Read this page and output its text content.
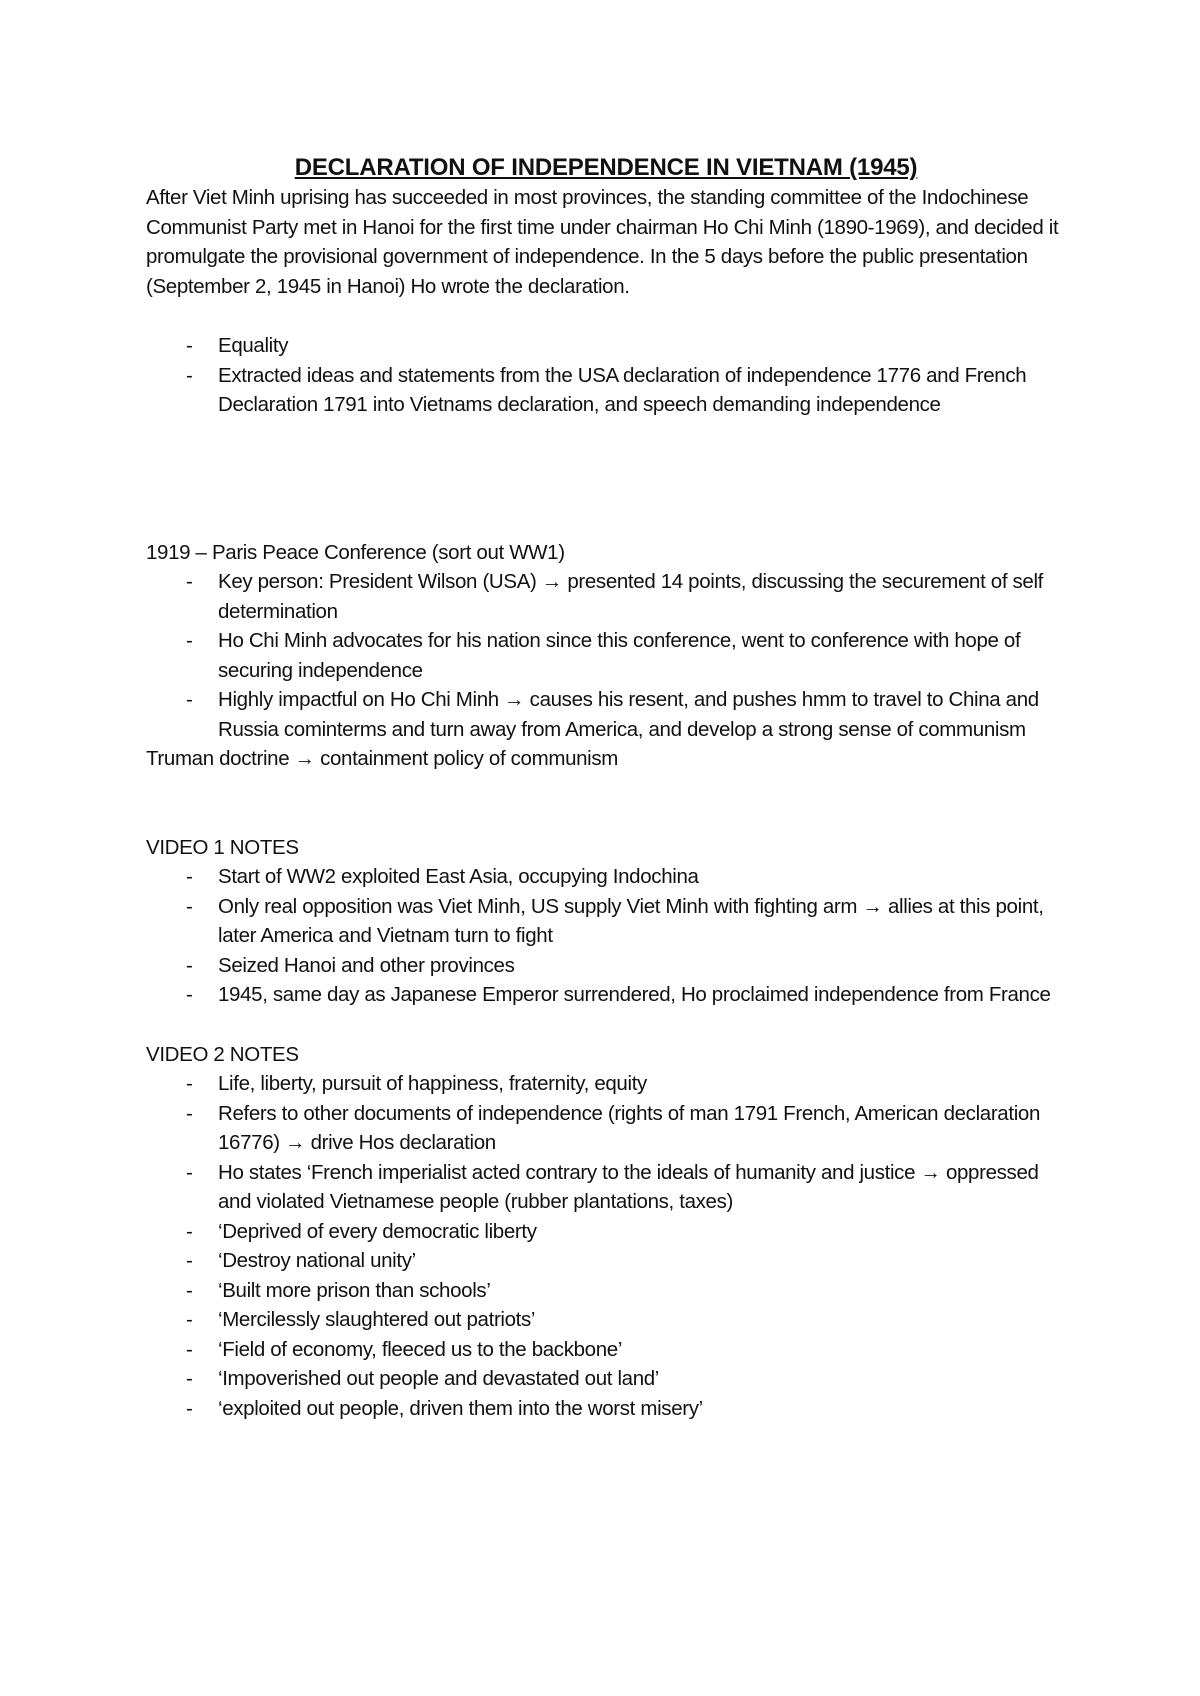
DECLARATION OF INDEPENDENCE IN VIETNAM (1945)

After Viet Minh uprising has succeeded in most provinces, the standing committee of the Indochinese Communist Party met in Hanoi for the first time under chairman Ho Chi Minh (1890-1969), and decided it promulgate the provisional government of independence. In the 5 days before the public presentation (September 2, 1945 in Hanoi) Ho wrote the declaration.

- Equality
- Extracted ideas and statements from the USA declaration of independence 1776 and French Declaration 1791 into Vietnams declaration, and speech demanding independence

1919 – Paris Peace Conference (sort out WW1)

- Key person: President Wilson (USA) → presented 14 points, discussing the securement of self determination
- Ho Chi Minh advocates for his nation since this conference, went to conference with hope of securing independence
- Highly impactful on Ho Chi Minh → causes his resent, and pushes hmm to travel to China and Russia cominterms and turn away from America, and develop a strong sense of communism

Truman doctrine → containment policy of communism

VIDEO 1 NOTES

- Start of WW2 exploited East Asia, occupying Indochina
- Only real opposition was Viet Minh, US supply Viet Minh with fighting arm → allies at this point, later America and Vietnam turn to fight
- Seized Hanoi and other provinces
- 1945, same day as Japanese Emperor surrendered, Ho proclaimed independence from France

VIDEO 2 NOTES

- Life, liberty, pursuit of happiness, fraternity, equity
- Refers to other documents of independence (rights of man 1791 French, American declaration 16776) → drive Hos declaration
- Ho states ‘French imperialist acted contrary to the ideals of humanity and justice → oppressed and violated Vietnamese people (rubber plantations, taxes)
- ‘Deprived of every democratic liberty
- ‘Destroy national unity’
- ‘Built more prison than schools’
- ‘Mercilessly slaughtered out patriots’
- ‘Field of economy, fleeced us to the backbone’
- ‘Impoverished out people and devastated out land’
- ‘exploited out people, driven them into the worst misery’
